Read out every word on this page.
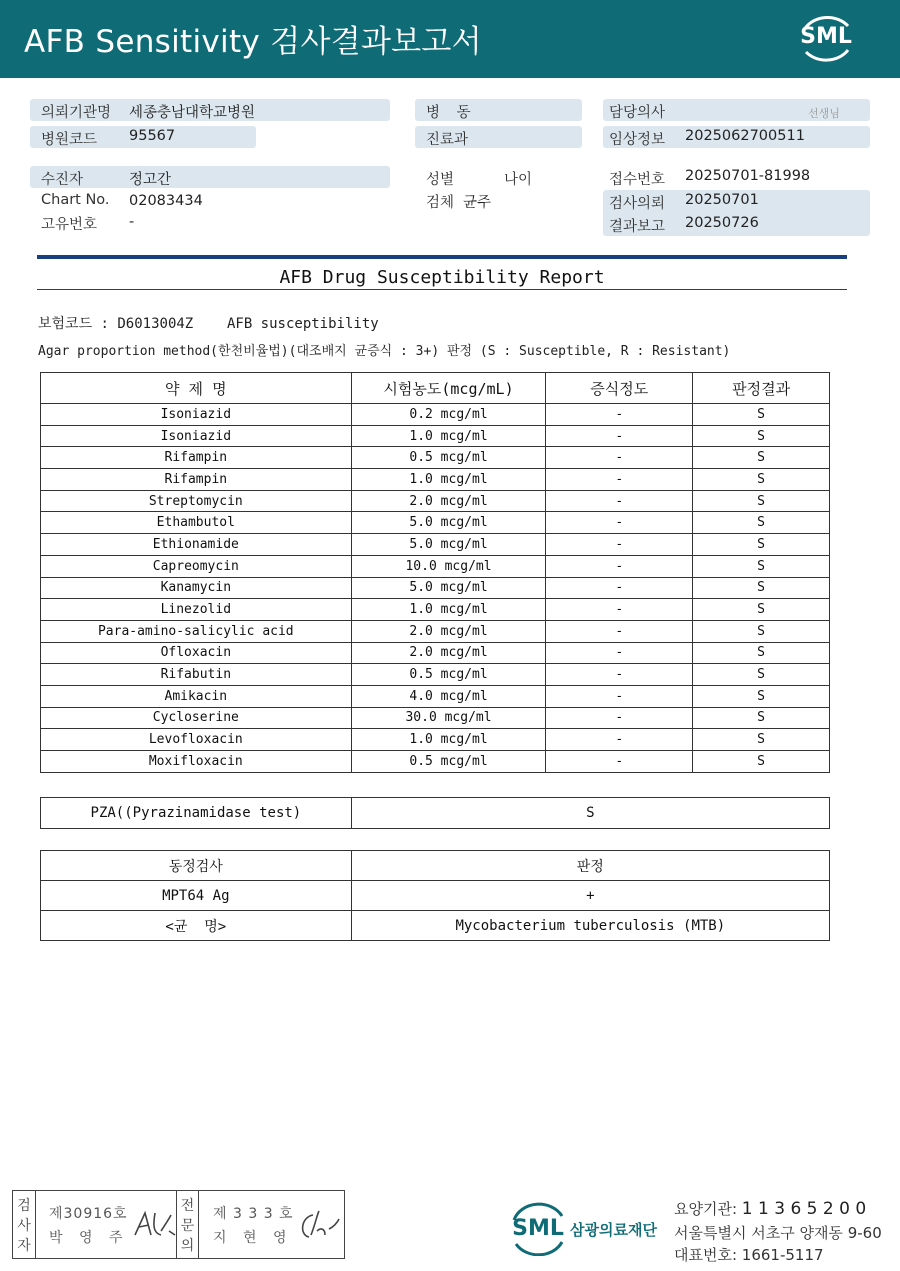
AFB Sensitivity 검사결과보고서	SML
의뢰기관명 세종충남대학교병원
병원코드 95567
병 동
진료과
담당의사	선생님
임상정보 2025062700511
수진자	정고간
Chart No. 02083434
고유번호 -
성별	나이
검체 균주
접수번호 20250701-81998
검사의뢰 20250701
결과보고 20250726
AFB Drug Susceptibility Report
보험코드 : D6013004Z    AFB susceptibility
Agar proportion method(한천비율법)(대조배지 균증식 : 3+) 판정 (S : Susceptible, R : Resistant)
약 제 명	시험농도(mcg/mL)	증식정도	판정결과
Isoniazid	0.2 mcg/ml	-	S
Isoniazid	1.0 mcg/ml	-	S
Rifampin	0.5 mcg/ml	-	S
Rifampin	1.0 mcg/ml	-	S
Streptomycin	2.0 mcg/ml	-	S
Ethambutol	5.0 mcg/ml	-	S
Ethionamide	5.0 mcg/ml	-	S
Capreomycin	10.0 mcg/ml	-	S
Kanamycin	5.0 mcg/ml	-	S
Linezolid	1.0 mcg/ml	-	S
Para-amino-salicylic acid	2.0 mcg/ml	-	S
Ofloxacin	2.0 mcg/ml	-	S
Rifabutin	0.5 mcg/ml	-	S
Amikacin	4.0 mcg/ml	-	S
Cycloserine	30.0 mcg/ml	-	S
Levofloxacin	1.0 mcg/ml	-	S
Moxifloxacin	0.5 mcg/ml	-	S
PZA((Pyrazinamidase test)	S
동정검사	판정
MPT64 Ag	+
<균  명>	Mycobacterium tuberculosis (MTB)
검
사
자
제30916호
박 영 주
전
문
의
제 3 3 3 호
지 현 영	SML 삼광의료재단
요양기관: 1 1 3 6 5 2 0 0
서울특별시 서초구 양재동 9-60
대표번호: 1661-5117
